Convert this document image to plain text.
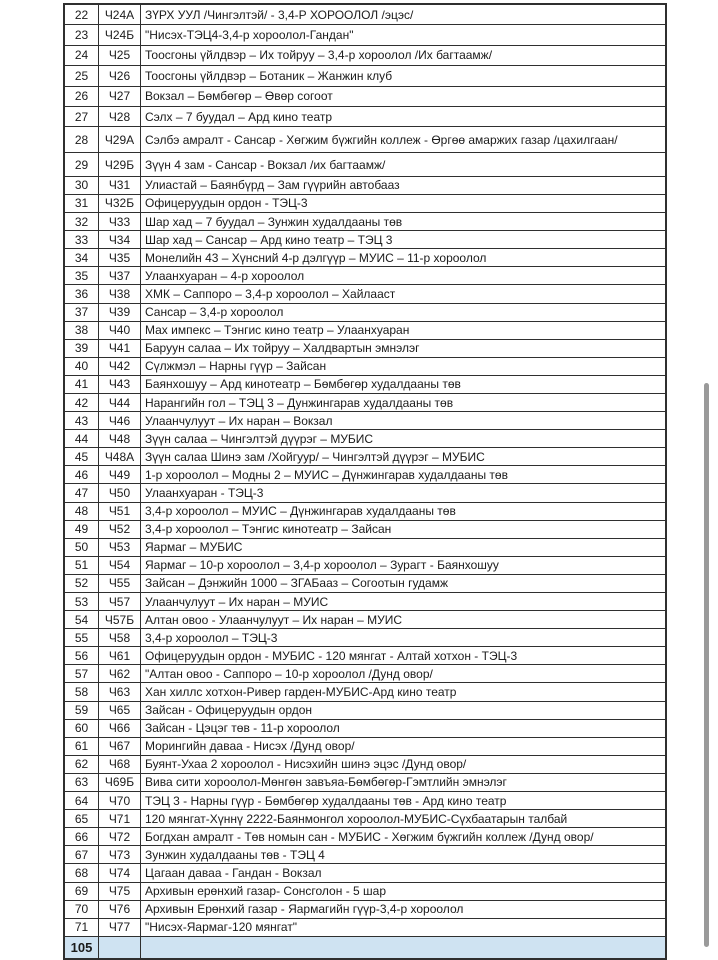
22	Ч24А ЗҮРХ УУЛ /Чингэлтэй/ - 3,4-Р ХОРООЛОЛ /эцэс/
23	Ч24Б "Нисэх-ТЭЦ4-3,4-р хороолол-Гандан"
24	Ч25	Тоосгоны үйлдвэр – Их тойруу – 3,4-р хороолол /Их багтаамж/
25	Ч26	Тоосгоны үйлдвэр – Ботаник – Жанжин клуб
26	Ч27	Вокзал – Бөмбөгөр – Өвөр согоот
27	Ч28	Сэлх – 7 буудал – Ард кино театр
28	Ч29А Сэлбэ амралт - Сансар - Хөгжим бүжгийн коллеж - Өргөө амаржих газар /цахилгаан/
29	Ч29Б Зүүн 4 зам - Сансар - Вокзал /их багтаамж/
30	Ч31	Улиастай – Баянбүрд – Зам гүүрийн автобааз
31	Ч32Б Офицеруудын ордон - ТЭЦ-3
32	Ч33	Шар хад – 7 буудал – Зунжин худалдааны төв
33	Ч34	Шар хад – Сансар – Ард кино театр – ТЭЦ 3
34	Ч35	Монелийн 43 – Хүнсний 4-р дэлгүүр – МУИС – 11-р хороолол
35	Ч37	Улаанхуаран – 4-р хороолол
36	Ч38	ХМК – Саппоро – 3,4-р хороолол – Хайлааст
37	Ч39	Сансар – 3,4-р хороолол
38	Ч40	Мах импекс – Тэнгис кино театр – Улаанхуаран
39	Ч41	Баруун салаа – Их тойруу – Халдвартын эмнэлэг
40	Ч42	Сүлжмэл – Нарны гүүр – Зайсан
41	Ч43	Баянхошуу – Ард кинотеатр – Бөмбөгөр худалдааны төв
42	Ч44	Нарангийн гол – ТЭЦ 3 – Дунжингарав худалдааны төв
43	Ч46	Улаанчулуут – Их наран – Вокзал
44	Ч48	Зүүн салаа – Чингэлтэй дүүрэг – МУБИС
45	Ч48А Зүүн салаа Шинэ зам /Хойгуур/ – Чингэлтэй дүүрэг – МУБИС
46	Ч49	1-р хороолол – Модны 2 – МУИС – Дүнжингарав худалдааны төв
47	Ч50	Улаанхуаран - ТЭЦ-3
48	Ч51	3,4-р хороолол – МУИС – Дүнжингарав худалдааны төв
49	Ч52	3,4-р хороолол – Тэнгис кинотеатр – Зайсан
50	Ч53	Яармаг – МУБИС
51	Ч54	Яармаг – 10-р хороолол – 3,4-р хороолол – Зурагт - Баянхошуу
52	Ч55	Зайсан – Дэнжийн 1000 – ЗГАБааз – Согоотын гудамж
53	Ч57	Улаанчулуут – Их наран – МУИС
54	Ч57Б Алтан овоо - Улаанчулуут – Их наран – МУИС
55	Ч58	3,4-р хороолол – ТЭЦ-3
56	Ч61	Офицеруудын ордон - МУБИС - 120 мянгат - Алтай хотхон - ТЭЦ-3
57	Ч62	"Алтан овоо - Саппоро – 10-р хороолол /Дунд овор/
58	Ч63	Хан хиллс хотхон-Ривер гарден-МУБИС-Ард кино театр
59	Ч65	Зайсан - Офицеруудын ордон
60	Ч66	Зайсан - Цэцэг төв - 11-р хороолол
61	Ч67	Морингийн даваа - Нисэх /Дунд овор/
62	Ч68	Буянт-Ухаа 2 хороолол - Нисэхийн шинэ эцэс /Дунд овор/
63	Ч69Б Вива сити хороолол-Мөнгөн завъяа-Бөмбөгөр-Гэмтлийн эмнэлэг
64	Ч70	ТЭЦ 3 - Нарны гүүр - Бөмбөгөр худалдааны төв - Ард кино театр
65	Ч71	120 мянгат-Хүннү 2222-Баянмонгол хороолол-МУБИС-Сүхбаатарын талбай
66	Ч72	Богдхан амралт - Төв номын сан - МУБИС - Хөгжим бүжгийн коллеж /Дунд овор/
67	Ч73	Зунжин худалдааны төв - ТЭЦ 4
68	Ч74	Цагаан даваа - Гандан - Вокзал
69	Ч75	Архивын ерөнхий газар- Сонсголон - 5 шар
70	Ч76	Архивын Ерөнхий газар - Яармагийн гүүр-3,4-р хороолол
71	Ч77	"Нисэх-Яармаг-120 мянгат"
105
